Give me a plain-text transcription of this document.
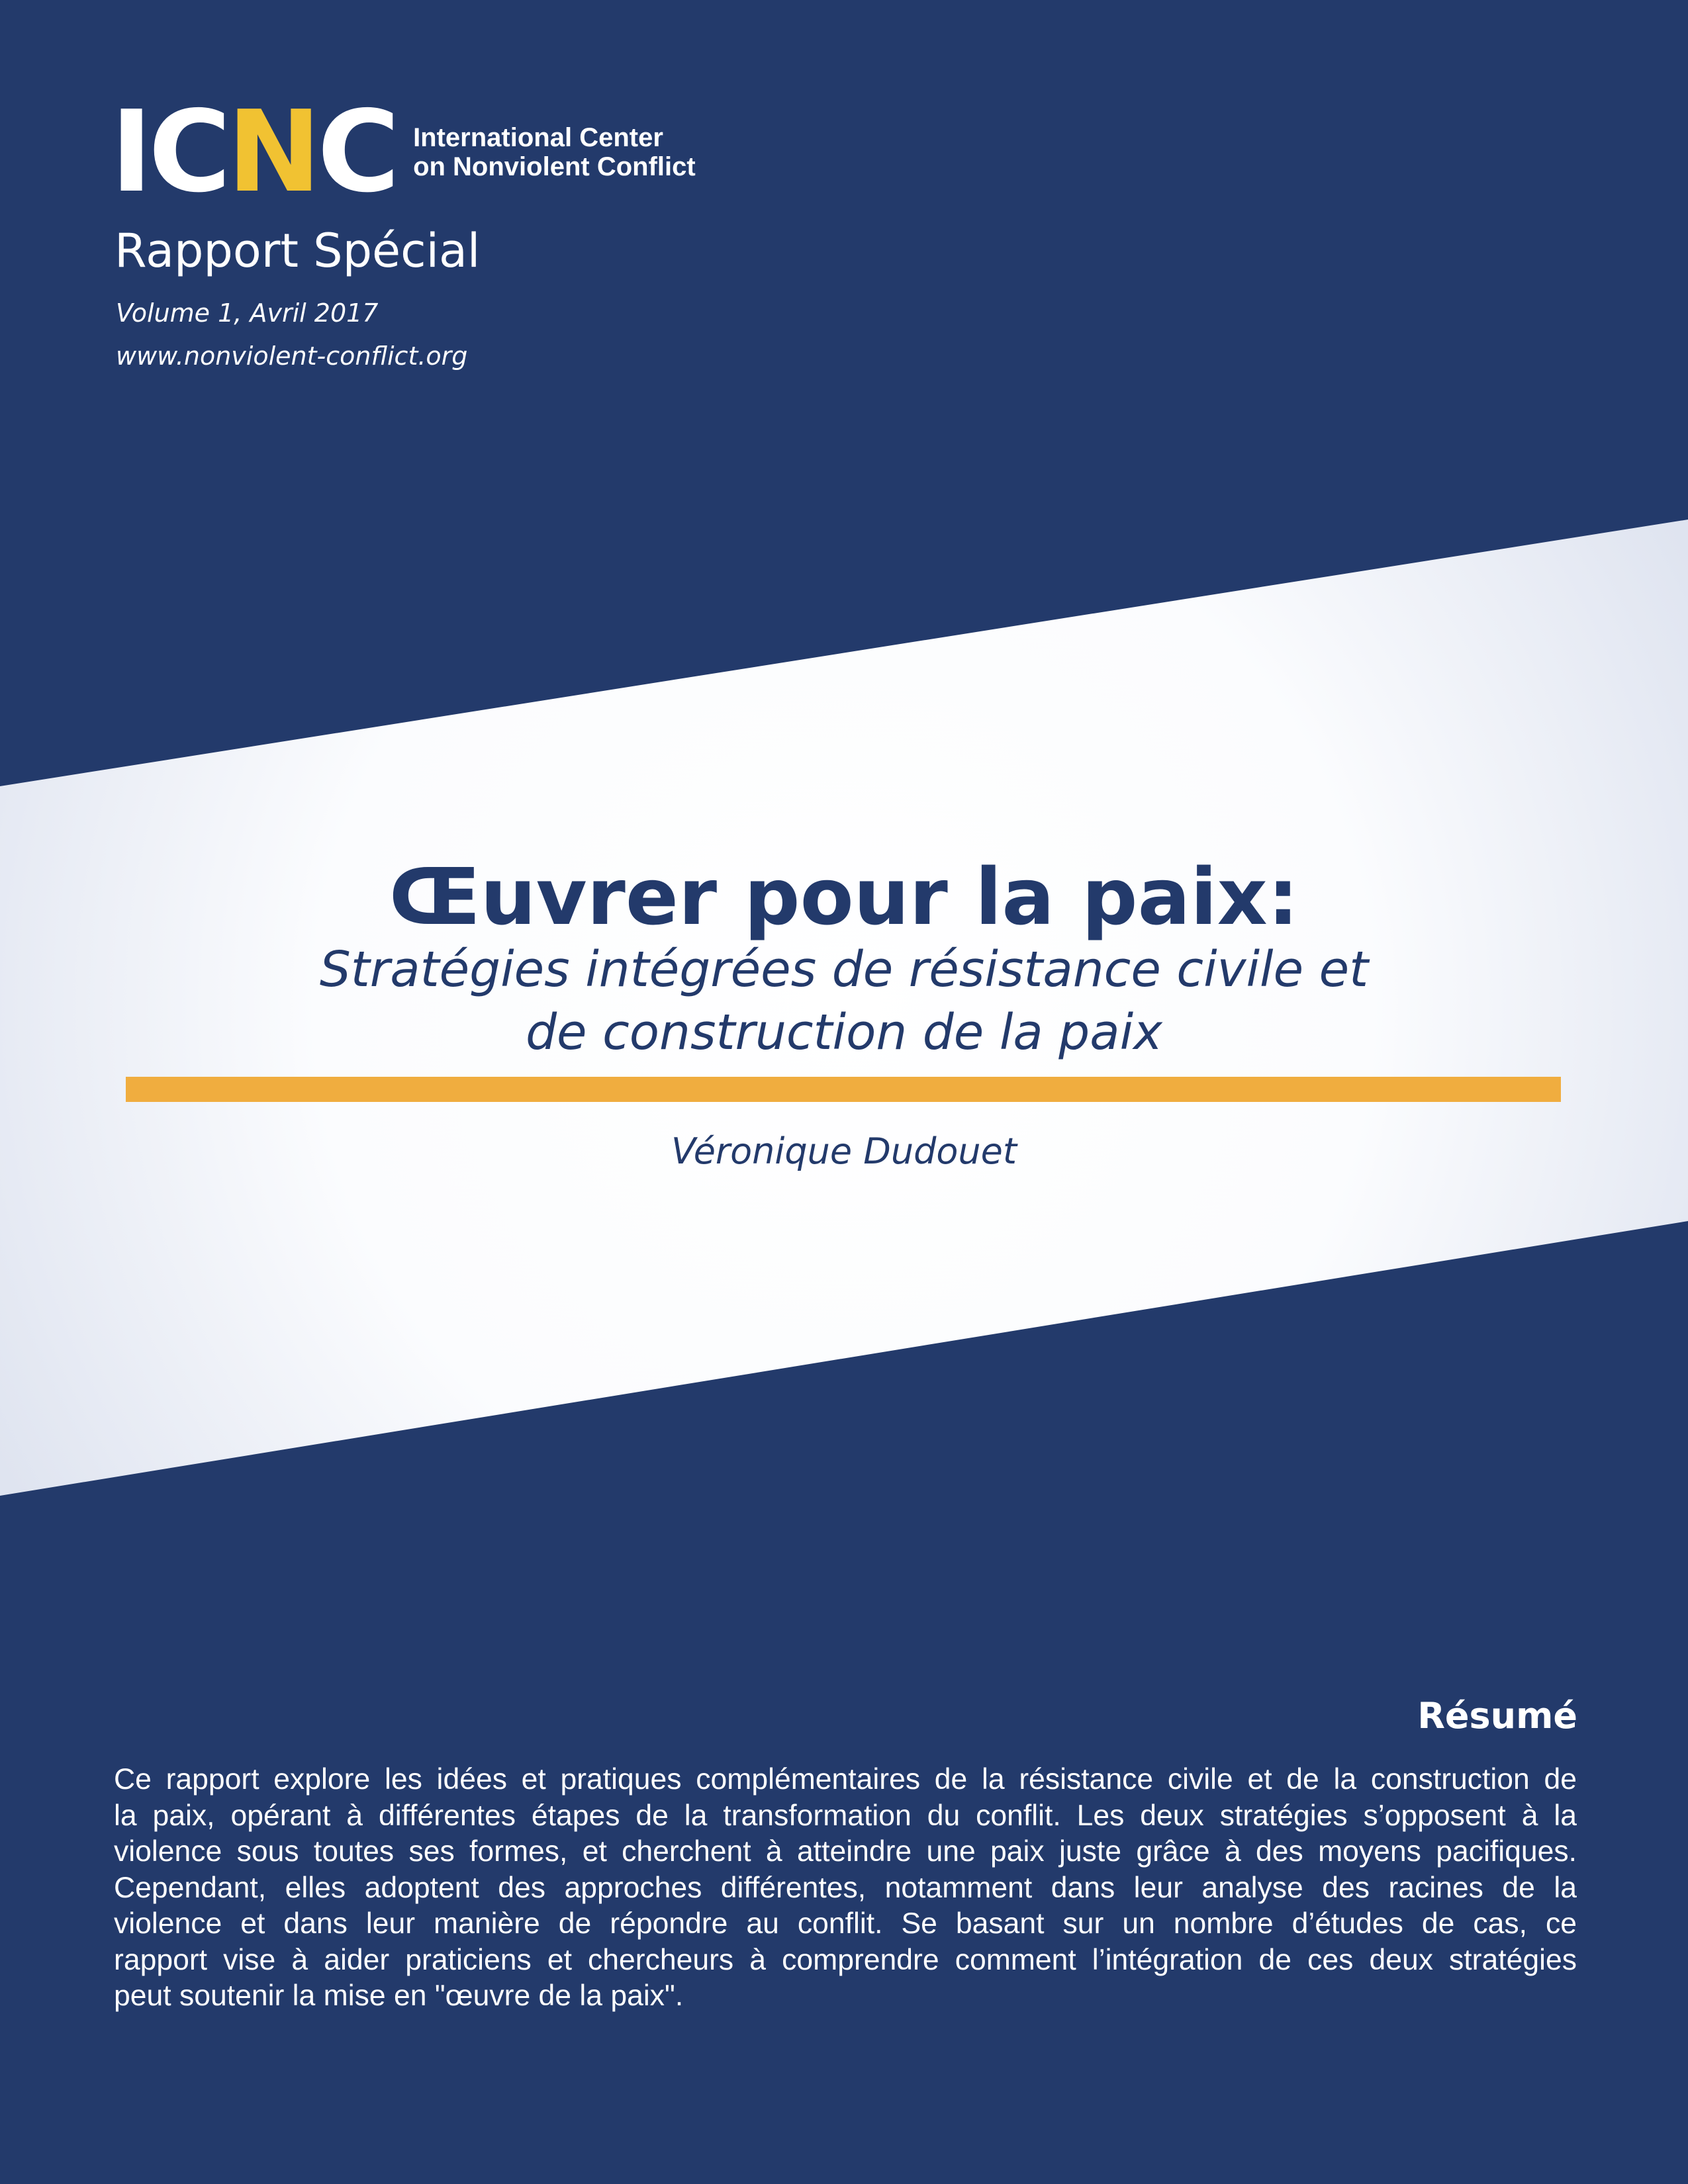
ICNC International Center
on Nonviolent Conflict
Rapport Spécial
Volume 1, Avril 2017
www.nonviolent-conflict.org
Œuvrer pour la paix:
Stratégies intégrées de résistance civile et
de construction de la paix
Véronique Dudouet
Résumé

Ce rapport explore les idées et pratiques complémentaires de la résistance civile et de la construction de
la paix, opérant à différentes étapes de la transformation du conflit. Les deux stratégies s’opposent à la
violence sous toutes ses formes, et cherchent à atteindre une paix juste grâce à des moyens pacifiques.
Cependant, elles adoptent des approches différentes, notamment dans leur analyse des racines de la
violence et dans leur manière de répondre au conflit. Se basant sur un nombre d’études de cas, ce
rapport vise à aider praticiens et chercheurs à comprendre comment l’intégration de ces deux stratégies
peut soutenir la mise en "œuvre de la paix".
